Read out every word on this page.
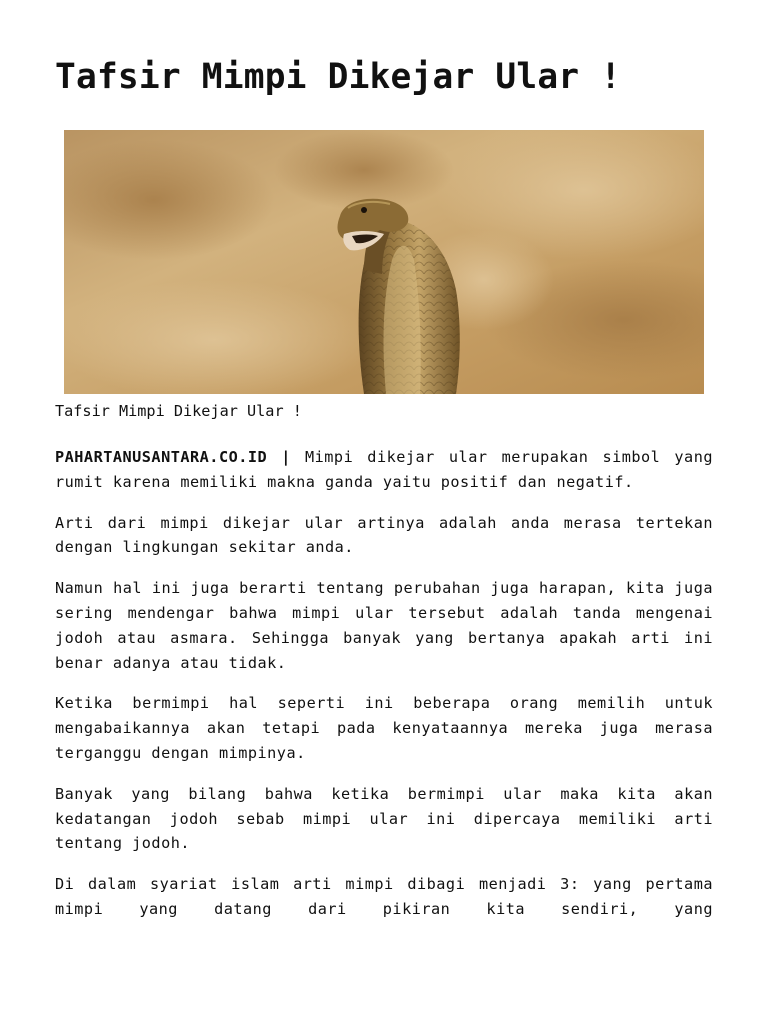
Tafsir Mimpi Dikejar Ular !
Tafsir Mimpi Dikejar Ular !

PAHARTANUSANTARA.CO.ID | Mimpi dikejar ular merupakan simbol yang rumit karena memiliki makna ganda yaitu positif dan negatif.

Arti dari mimpi dikejar ular artinya adalah anda merasa tertekan dengan lingkungan sekitar anda.

Namun hal ini juga berarti tentang perubahan juga harapan, kita juga sering mendengar bahwa mimpi ular tersebut adalah tanda mengenai jodoh atau asmara. Sehingga banyak yang bertanya apakah arti ini benar adanya atau tidak.

Ketika bermimpi hal seperti ini beberapa orang memilih untuk mengabaikannya akan tetapi pada kenyataannya mereka juga merasa terganggu dengan mimpinya.

Banyak yang bilang bahwa ketika bermimpi ular maka kita akan kedatangan jodoh sebab mimpi ular ini dipercaya memiliki arti tentang jodoh.

Di dalam syariat islam arti mimpi dibagi menjadi 3: yang pertama mimpi yang datang dari pikiran kita sendiri, yang
